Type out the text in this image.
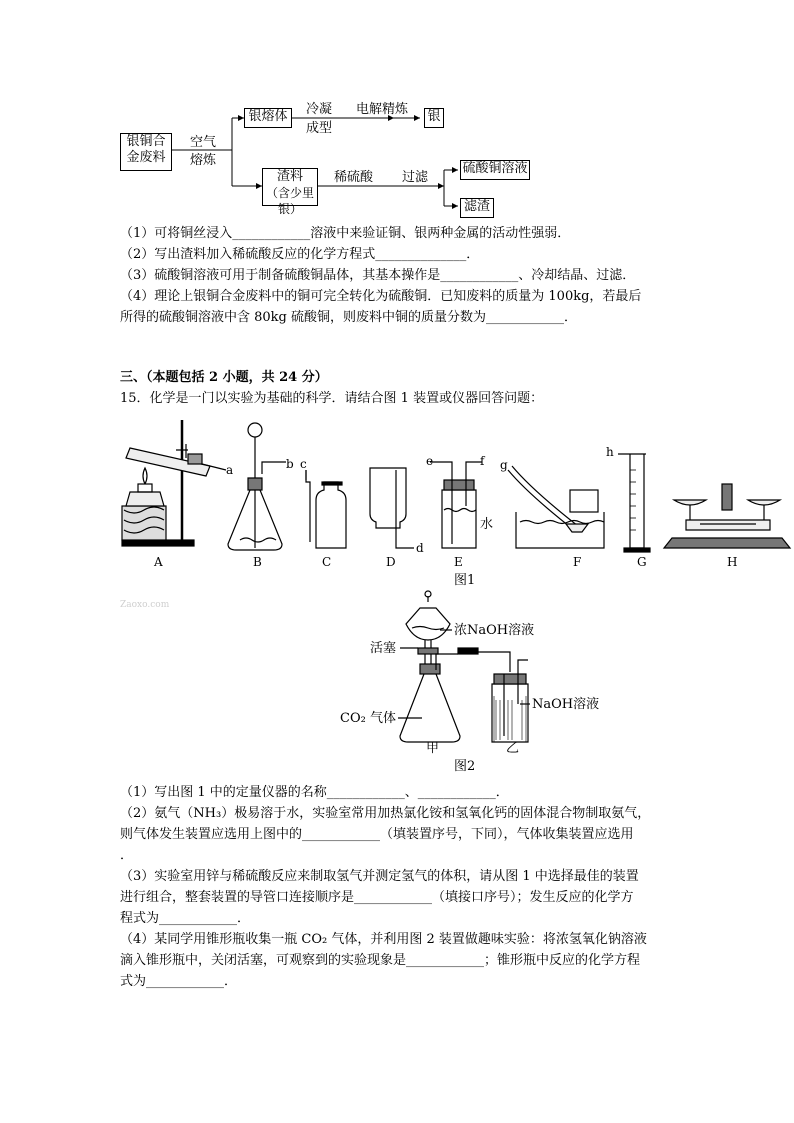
银铜合
金废料
空气
熔炼
银熔体	冷凝
成型
电解精炼 银
渣料
（含少里银）
稀硫酸 过滤
硫酸铜溶液
滤渣
（1）可将铜丝浸入____________溶液中来验证铜、银两种金属的活动性强弱．
（2）写出渣料加入稀硫酸反应的化学方程式______________．
（3）硫酸铜溶液可用于制备硫酸铜晶体，其基本操作是____________、冷却结晶、过滤．
（4）理论上银铜合金废料中的铜可完全转化为硫酸铜．已知废料的质量为 100kg，若最后
所得的硫酸铜溶液中含 80kg 硫酸铜，则废料中铜的质量分数为____________．
三、（本题包括 2 小题，共 24 分）
15．化学是一门以实验为基础的科学．请结合图 1 装置或仪器回答问题：
A	B	C	D	E	F	G	H
a	b c
d
e	f g
h
水
图1
Zaoxo.com
浓NaOH溶液
活塞
CO₂ 气体
NaOH溶液
甲	乙
图2
（1）写出图 1 中的定量仪器的名称____________、____________．
（2）氨气（NH₃）极易溶于水，实验室常用加热氯化铵和氢氧化钙的固体混合物制取氨气，
则气体发生装置应选用上图中的____________（填装置序号，下同），气体收集装置应选用
．
（3）实验室用锌与稀硫酸反应来制取氢气并测定氢气的体积，请从图 1 中选择最佳的装置
进行组合，整套装置的导管口连接顺序是____________（填接口序号）；发生反应的化学方
程式为____________．
（4）某同学用锥形瓶收集一瓶 CO₂ 气体，并利用图 2 装置做趣味实验：将浓氢氧化钠溶液
滴入锥形瓶中，关闭活塞，可观察到的实验现象是____________；锥形瓶中反应的化学方程
式为____________．
